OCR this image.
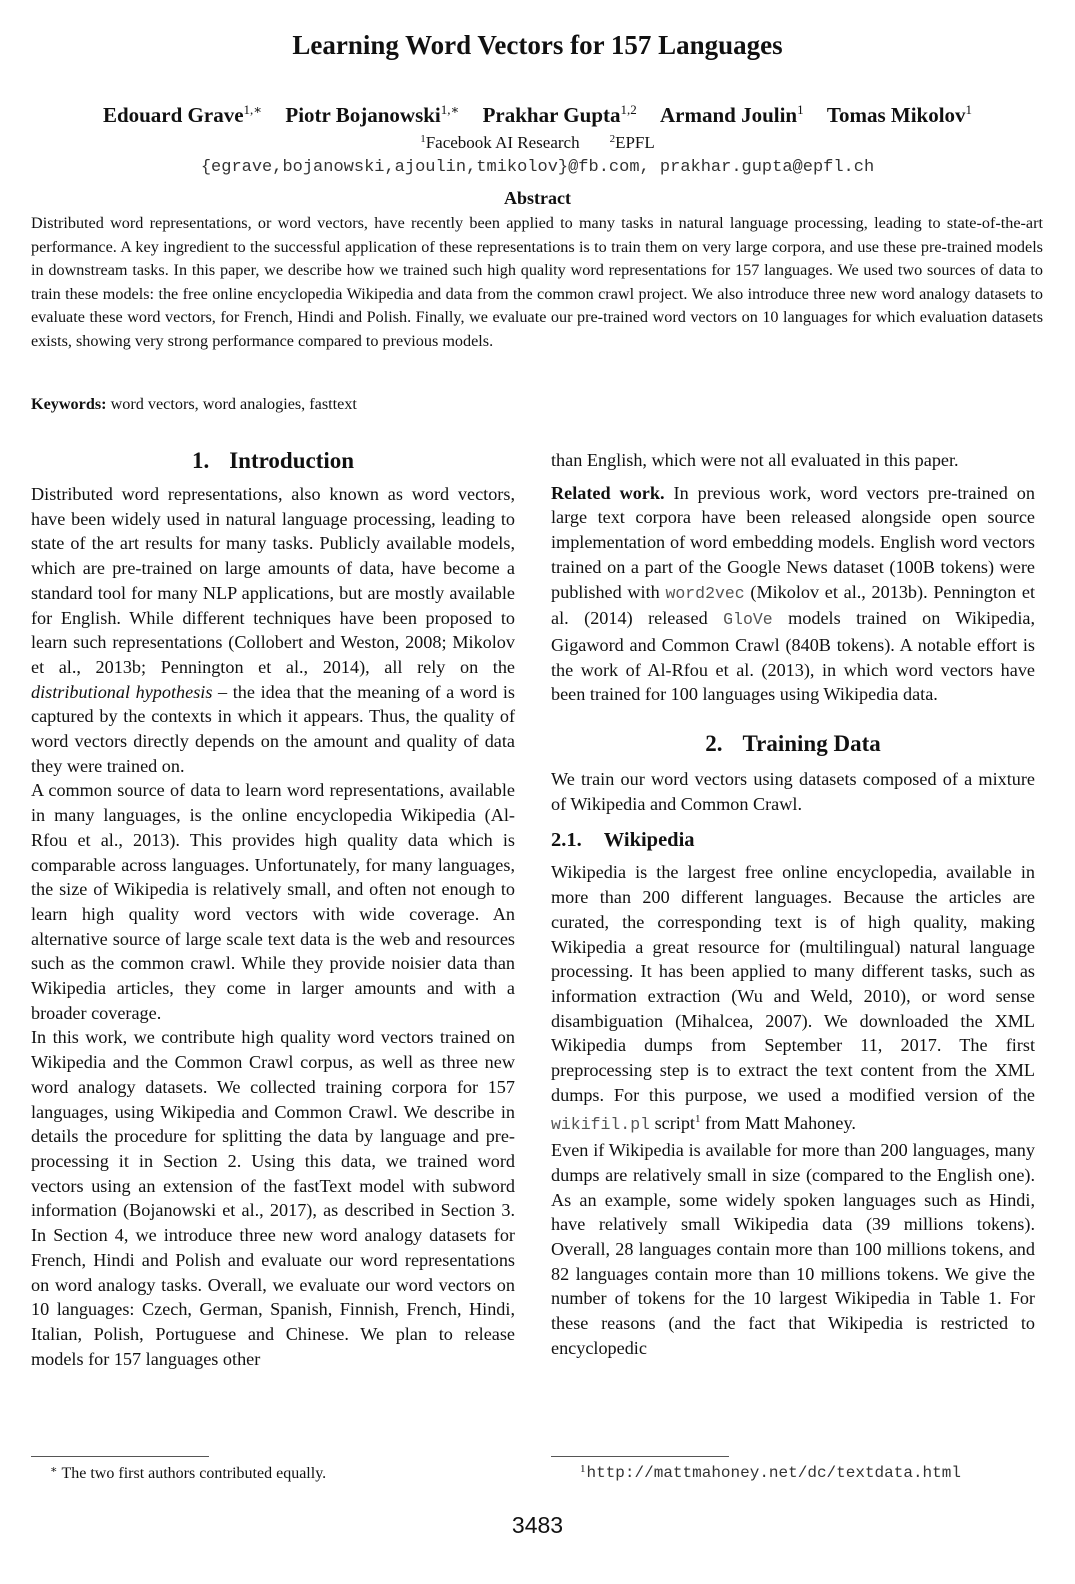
Learning Word Vectors for 157 Languages
Edouard Grave$^{1,∗}$ Piotr Bojanowski$^{1,∗}$ Prakhar Gupta$^{1,2}$ Armand Joulin$^1$ Tomas Mikolov$^1$
$^1$Facebook AI Research	$^2$EPFL
{egrave,bojanowski,ajoulin,tmikolov}@fb.com, prakhar.gupta@epfl.ch
Abstract

Distributed word representations, or word vectors, have recently been applied to many tasks in natural language processing, leading to state-of-the-art performance. A key ingredient to the successful application of these representations is to train them on very large corpora, and use these pre-trained models in downstream tasks. In this paper, we describe how we trained such high quality word representations for 157 languages. We used two sources of data to train these models: the free online encyclopedia Wikipedia and data from the common crawl project. We also introduce three new word analogy datasets to evaluate these word vectors, for French, Hindi and Polish. Finally, we evaluate our pre-trained word vectors on 10 languages for which evaluation datasets exists, showing very strong performance compared to previous models.

Keywords: word vectors, word analogies, fasttext
1. Introduction

Distributed word representations, also known as word vectors, have been widely used in natural language processing, leading to state of the art results for many tasks. Publicly available models, which are pre-trained on large amounts of data, have become a standard tool for many NLP applications, but are mostly available for English. While different techniques have been proposed to learn such representations (Collobert and Weston, 2008; Mikolov et al., 2013b; Pennington et al., 2014), all rely on the distributional hypothesis – the idea that the meaning of a word is captured by the contexts in which it appears. Thus, the quality of word vectors directly depends on the amount and quality of data they were trained on.

A common source of data to learn word representations, available in many languages, is the online encyclopedia Wikipedia (Al-Rfou et al., 2013). This provides high quality data which is comparable across languages. Unfortunately, for many languages, the size of Wikipedia is relatively small, and often not enough to learn high quality word vectors with wide coverage. An alternative source of large scale text data is the web and resources such as the common crawl. While they provide noisier data than Wikipedia articles, they come in larger amounts and with a broader coverage.

In this work, we contribute high quality word vectors trained on Wikipedia and the Common Crawl corpus, as well as three new word analogy datasets. We collected training corpora for 157 languages, using Wikipedia and Common Crawl. We describe in details the procedure for splitting the data by language and pre-processing it in Section 2. Using this data, we trained word vectors using an extension of the fastText model with subword information (Bojanowski et al., 2017), as described in Section 3. In Section 4, we introduce three new word analogy datasets for French, Hindi and Polish and evaluate our word representations on word analogy tasks. Overall, we evaluate our word vectors on 10 languages: Czech, German, Spanish, Finnish, French, Hindi, Italian, Polish, Portuguese and Chinese. We plan to release models for 157 languages other

than English, which were not all evaluated in this paper.

Related work. In previous work, word vectors pre-trained on large text corpora have been released alongside open source implementation of word embedding models. English word vectors trained on a part of the Google News dataset (100B tokens) were published with word2vec (Mikolov et al., 2013b). Pennington et al. (2014) released GloVe models trained on Wikipedia, Gigaword and Common Crawl (840B tokens). A notable effort is the work of Al-Rfou et al. (2013), in which word vectors have been trained for 100 languages using Wikipedia data.

2. Training Data

We train our word vectors using datasets composed of a mixture of Wikipedia and Common Crawl.

2.1. Wikipedia

Wikipedia is the largest free online encyclopedia, available in more than 200 different languages. Because the articles are curated, the corresponding text is of high quality, making Wikipedia a great resource for (multilingual) natural language processing. It has been applied to many different tasks, such as information extraction (Wu and Weld, 2010), or word sense disambiguation (Mihalcea, 2007). We downloaded the XML Wikipedia dumps from September 11, 2017. The first preprocessing step is to extract the text content from the XML dumps. For this purpose, we used a modified version of the wikifil.pl script$^1$ from Matt Mahoney.

Even if Wikipedia is available for more than 200 languages, many dumps are relatively small in size (compared to the English one). As an example, some widely spoken languages such as Hindi, have relatively small Wikipedia data (39 millions tokens). Overall, 28 languages contain more than 100 millions tokens, and 82 languages contain more than 10 millions tokens. We give the number of tokens for the 10 largest Wikipedia in Table 1. For these reasons (and the fact that Wikipedia is restricted to encyclopedic

∗ The two first authors contributed equally.	$^1$http://mattmahoney.net/dc/textdata.html
3483
